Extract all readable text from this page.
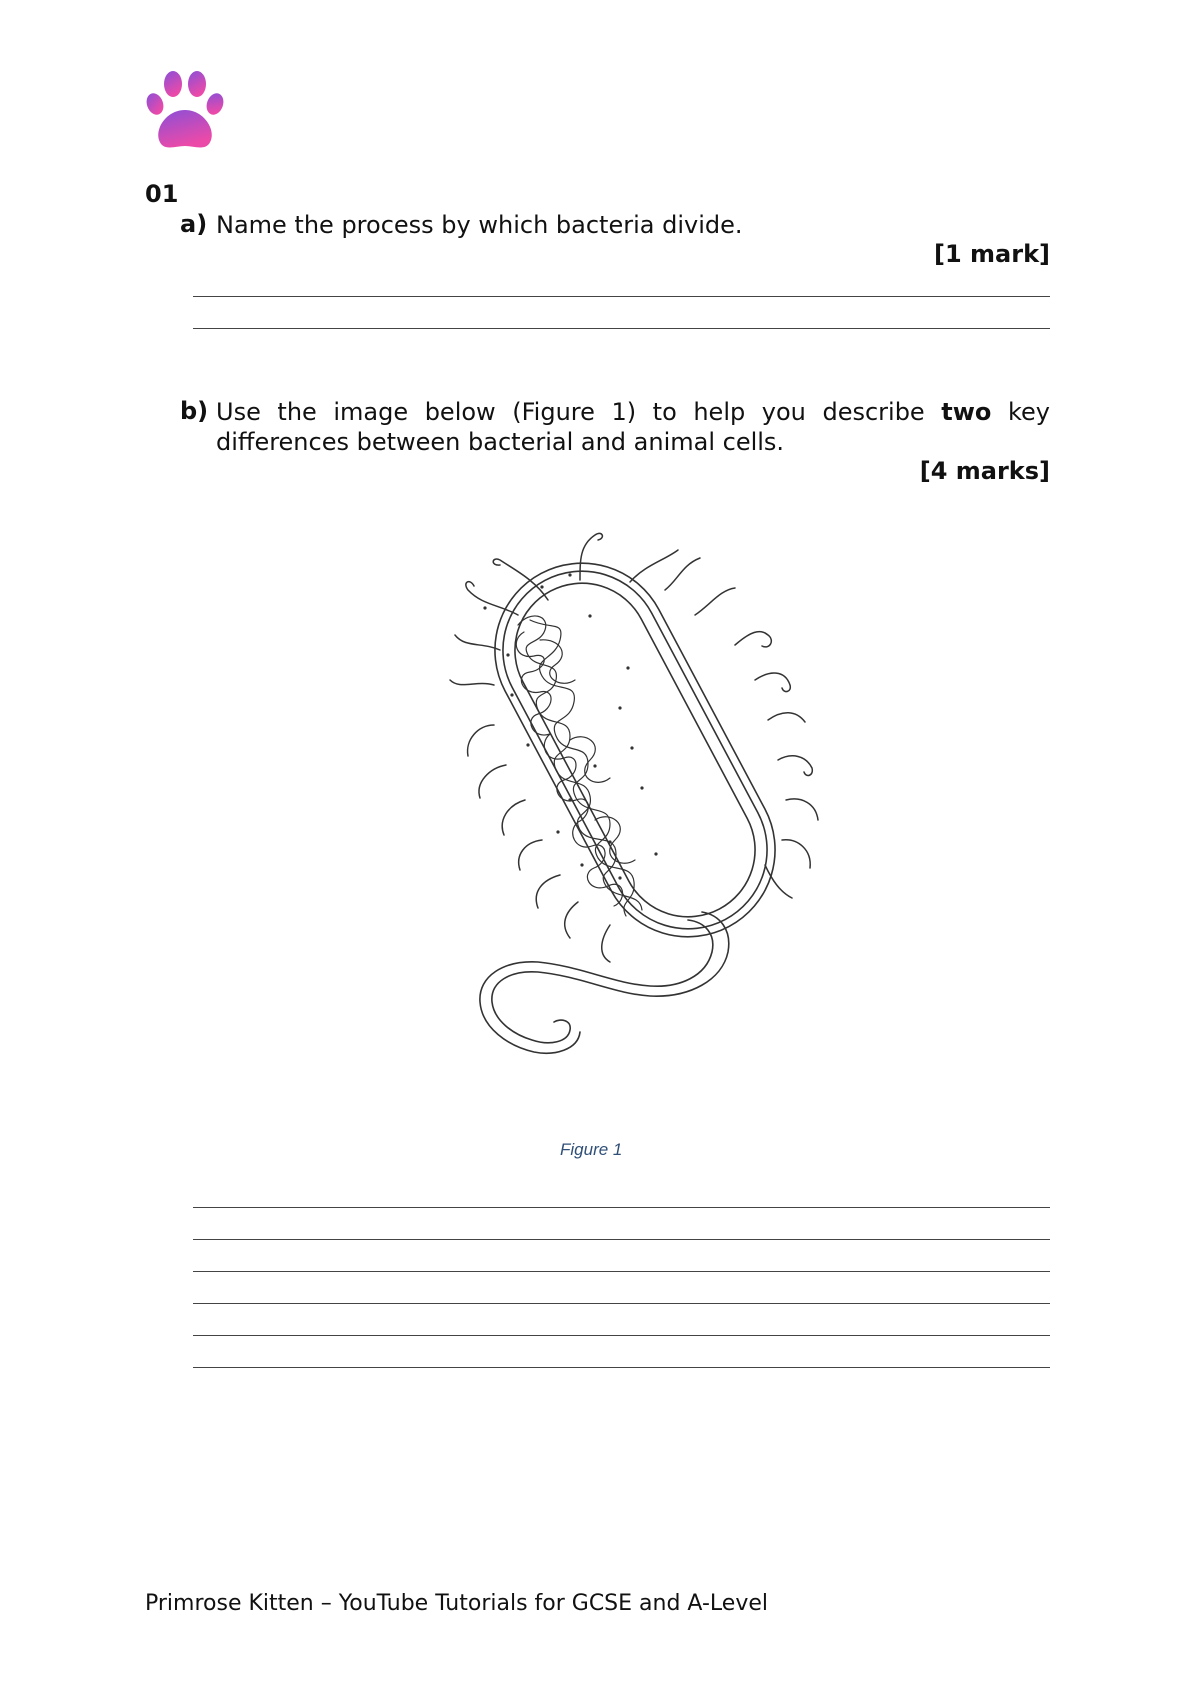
01
a) Name the process by which bacteria divide.
[1 mark]
b) Use the image below (Figure 1) to help you describe two key differences between bacterial and animal cells.
[4 marks]
Figure 1
Primrose Kitten – YouTube Tutorials for GCSE and A-Level
